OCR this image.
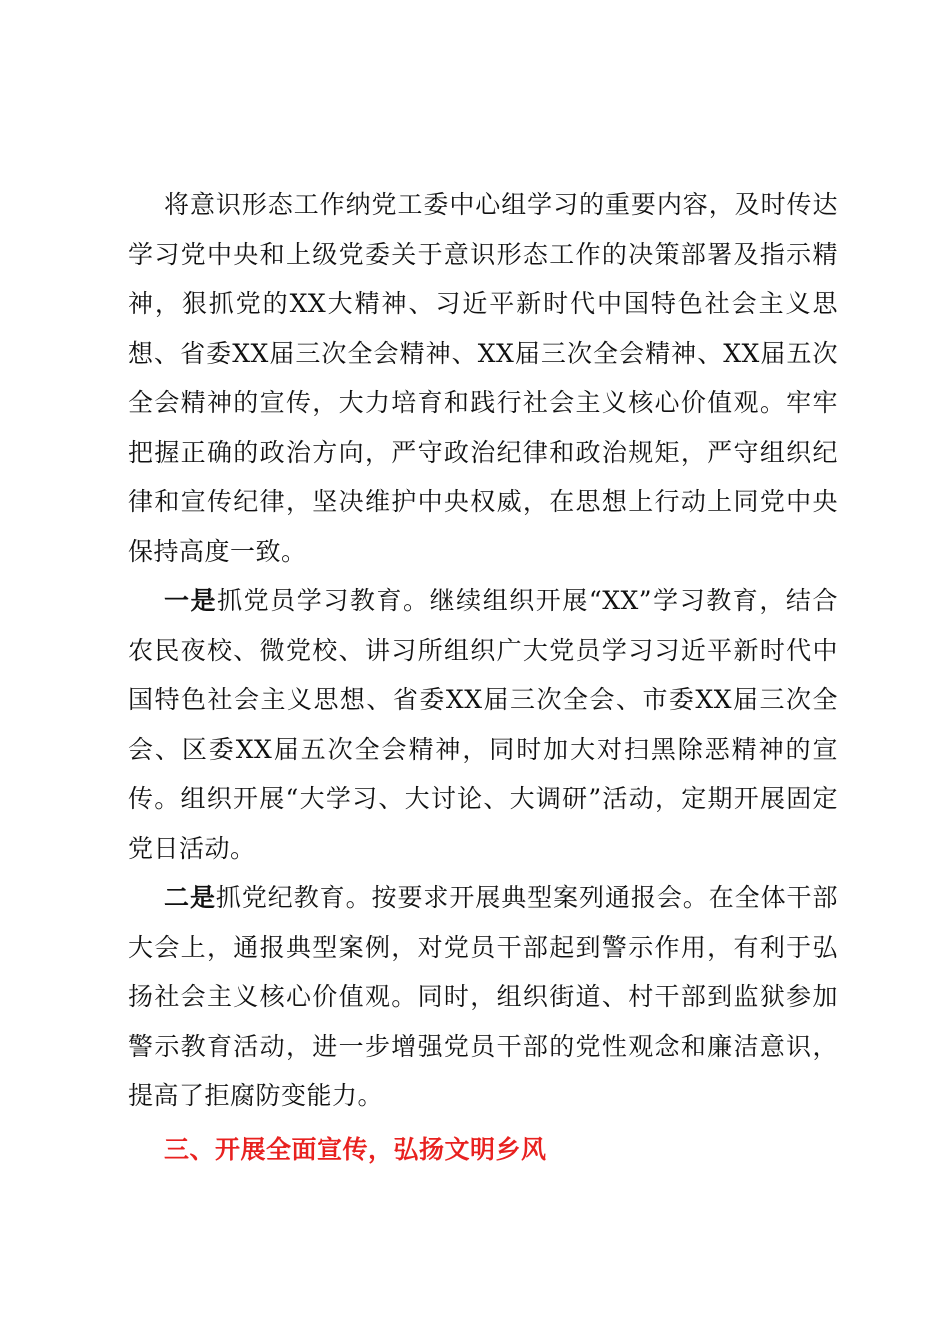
将意识形态工作纳党工委中心组学习的重要内容，及时传达学习党中央和上级党委关于意识形态工作的决策部署及指示精神，狠抓党的XX大精神、习近平新时代中国特色社会主义思想、省委XX届三次全会精神、XX届三次全会精神、XX届五次全会精神的宣传，大力培育和践行社会主义核心价值观。牢牢把握正确的政治方向，严守政治纪律和政治规矩，严守组织纪律和宣传纪律，坚决维护中央权威，在思想上行动上同党中央保持高度一致。

一是抓党员学习教育。继续组织开展“XX”学习教育，结合农民夜校、微党校、讲习所组织广大党员学习习近平新时代中国特色社会主义思想、省委XX届三次全会、市委XX届三次全会、区委XX届五次全会精神，同时加大对扫黑除恶精神的宣传。组织开展“大学习、大讨论、大调研”活动，定期开展固定党日活动。

二是抓党纪教育。按要求开展典型案列通报会。在全体干部大会上，通报典型案例，对党员干部起到警示作用，有利于弘扬社会主义核心价值观。同时，组织街道、村干部到监狱参加警示教育活动，进一步增强党员干部的党性观念和廉洁意识，提高了拒腐防变能力。

三、开展全面宣传，弘扬文明乡风
